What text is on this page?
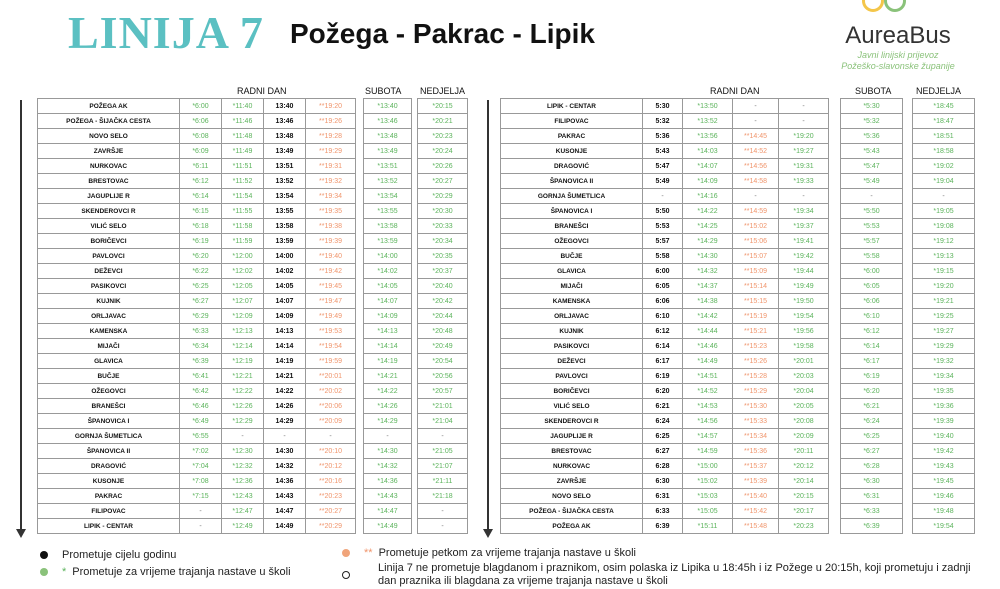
LINIJA 7 Požega - Pakrac - Lipik	AureaBus
Javni linijski prijevoz
Požeško-slavonske županije
RADNI DAN	SUBOTA NEDJELJA	RADNI DAN	SUBOTA	NEDJELJA
POŽEGA AK	*6:00	*11:40	13:40	**19:20		*13:40		*20:15
POŽEGA - ŠIJAČKA CESTA	*6:06	*11:46	13:46	**19:26		*13:46		*20:21
NOVO SELO	*6:08	*11:48	13:48	**19:28		*13:48		*20:23
ZAVRŠJE	*6:09	*11:49	13:49	**19:29		*13:49		*20:24
NURKOVAC	*6:11	*11:51	13:51	**19:31		*13:51		*20:26
BRESTOVAC	*6:12	*11:52	13:52	**19:32		*13:52		*20:27
JAGUPLIJE R	*6:14	*11:54	13:54	**19:34		*13:54		*20:29
SKENDEROVCI R	*6:15	*11:55	13:55	**19:35		*13:55		*20:30
VILIĆ SELO	*6:18	*11:58	13:58	**19:38		*13:58		*20:33
BORIČEVCI	*6:19	*11:59	13:59	**19:39		*13:59		*20:34
PAVLOVCI	*6:20	*12:00	14:00	**19:40		*14:00		*20:35
DEŽEVCI	*6:22	*12:02	14:02	**19:42		*14:02		*20:37
PASIKOVCI	*6:25	*12:05	14:05	**19:45		*14:05		*20:40
KUJNIK	*6:27	*12:07	14:07	**19:47		*14:07		*20:42
ORLJAVAC	*6:29	*12:09	14:09	**19:49		*14:09		*20:44
KAMENSKA	*6:33	*12:13	14:13	**19:53		*14:13		*20:48
MIJAČI	*6:34	*12:14	14:14	**19:54		*14:14		*20:49
GLAVICA	*6:39	*12:19	14:19	**19:59		*14:19		*20:54
BUČJE	*6:41	*12:21	14:21	**20:01		*14:21		*20:56
OŽEGOVCI	*6:42	*12:22	14:22	**20:02		*14:22		*20:57
BRANEŠCI	*6:46	*12:26	14:26	**20:06		*14:26		*21:01
ŠPANOVICA I	*6:49	*12:29	14:29	**20:09		*14:29		*21:04
GORNJA ŠUMETLICA	*6:55	-	-	-		-		-
ŠPANOVICA II	*7:02	*12:30	14:30	**20:10		*14:30		*21:05
DRAGOVIĆ	*7:04	*12:32	14:32	**20:12		*14:32		*21:07
KUSONJE	*7:08	*12:36	14:36	**20:16		*14:36		*21:11
PAKRAC	*7:15	*12:43	14:43	**20:23		*14:43		*21:18
FILIPOVAC	-	*12:47	14:47	**20:27		*14:47		-
LIPIK - CENTAR	-	*12:49	14:49	**20:29		*14:49		-
LIPIK - CENTAR	5:30	*13:50	-	-		*5:30		*18:45
FILIPOVAC	5:32	*13:52	-	-		*5:32		*18:47
PAKRAC	5:36	*13:56	**14:45	*19:20		*5:36		*18:51
KUSONJE	5:43	*14:03	**14:52	*19:27		*5:43		*18:58
DRAGOVIĆ	5:47	*14:07	**14:56	*19:31		*5:47		*19:02
ŠPANOVICA II	5:49	*14:09	**14:58	*19:33		*5:49		*19:04
GORNJA ŠUMETLICA	-	*14:16	-	-		-		-
ŠPANOVICA I	5:50	*14:22	**14:59	*19:34		*5:50		*19:05
BRANEŠCI	5:53	*14:25	**15:02	*19:37		*5:53		*19:08
OŽEGOVCI	5:57	*14:29	**15:06	*19:41		*5:57		*19:12
BUČJE	5:58	*14:30	**15:07	*19:42		*5:58		*19:13
GLAVICA	6:00	*14:32	**15:09	*19:44		*6:00		*19:15
MIJAČI	6:05	*14:37	**15:14	*19:49		*6:05		*19:20
KAMENSKA	6:06	*14:38	**15:15	*19:50		*6:06		*19:21
ORLJAVAC	6:10	*14:42	**15:19	*19:54		*6:10		*19:25
KUJNIK	6:12	*14:44	**15:21	*19:56		*6:12		*19:27
PASIKOVCI	6:14	*14:46	**15:23	*19:58		*6:14		*19:29
DEŽEVCI	6:17	*14:49	**15:26	*20:01		*6:17		*19:32
PAVLOVCI	6:19	*14:51	**15:28	*20:03		*6:19		*19:34
BORIČEVCI	6:20	*14:52	**15:29	*20:04		*6:20		*19:35
VILIĆ SELO	6:21	*14:53	**15:30	*20:05		*6:21		*19:36
SKENDEROVCI R	6:24	*14:56	**15:33	*20:08		*6:24		*19:39
JAGUPLIJE R	6:25	*14:57	**15:34	*20:09		*6:25		*19:40
BRESTOVAC	6:27	*14:59	**15:36	*20:11		*6:27		*19:42
NURKOVAC	6:28	*15:00	**15:37	*20:12		*6:28		*19:43
ZAVRŠJE	6:30	*15:02	**15:39	*20:14		*6:30		*19:45
NOVO SELO	6:31	*15:03	**15:40	*20:15		*6:31		*19:46
POŽEGA - ŠIJAČKA CESTA	6:33	*15:05	**15:42	*20:17		*6:33		*19:48
POŽEGA AK	6:39	*15:11	**15:48	*20:23		*6:39		*19:54
Prometuje cijelu godinu
* Prometuje za vrijeme trajanja nastave u školi
** Prometuje petkom za vrijeme trajanja nastave u školi
Linija 7 ne prometuje blagdanom i praznikom, osim polaska iz Lipika u 18:45h i iz Požege u 20:15h, koji prometuju i zadnji dan praznika ili blagdana za vrijeme trajanja nastave u školi
